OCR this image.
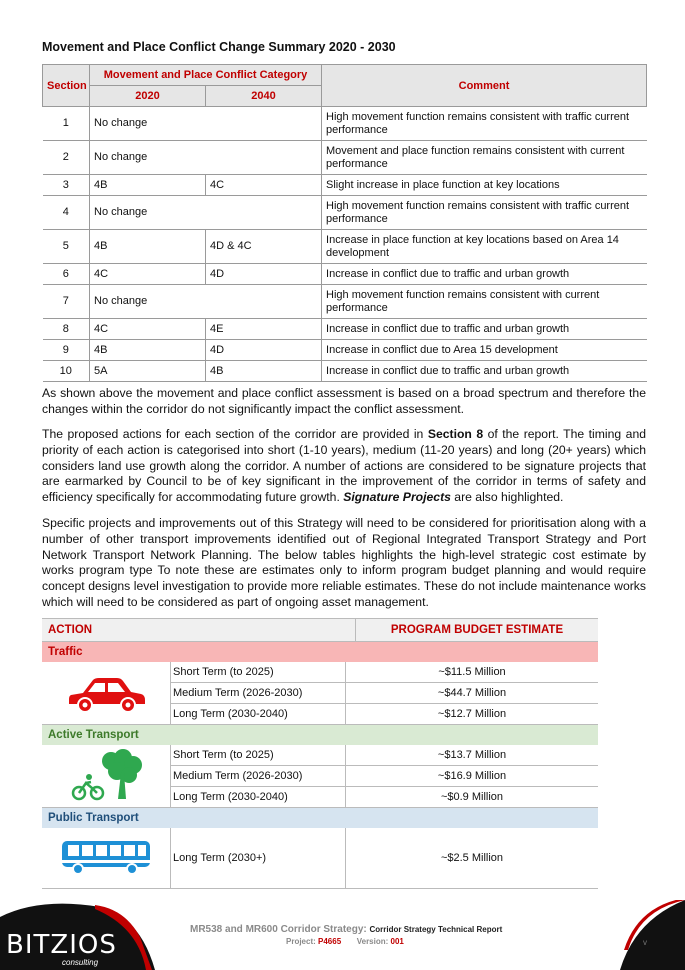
Movement and Place Conflict Change Summary 2020 - 2030
Section	Movement and Place Conflict Category		Comment
	2020	2040	
1	No change		High movement function remains consistent with traffic current performance
2	No change		Movement and place function remains consistent with current performance
3	4B	4C	Slight increase in place function at key locations
4	No change		High movement function remains consistent with traffic current performance
5	4B	4D & 4C	Increase in place function at key locations based on Area 14 development
6	4C	4D	Increase in conflict due to traffic and urban growth
7	No change		High movement function remains consistent with current performance
8	4C	4E	Increase in conflict due to traffic and urban growth
9	4B	4D	Increase in conflict due to Area 15 development
10	5A	4B	Increase in conflict due to traffic and urban growth

As shown above the movement and place conflict assessment is based on a broad spectrum and therefore the changes within the corridor do not significantly impact the conflict assessment.

The proposed actions for each section of the corridor are provided in Section 8 of the report. The timing and priority of each action is categorised into short (1-10 years), medium (11-20 years) and long (20+ years) which considers land use growth along the corridor. A number of actions are considered to be signature projects that are earmarked by Council to be of key significant in the improvement of the corridor in terms of safety and efficiency specifically for accommodating future growth. Signature Projects are also highlighted.

Specific projects and improvements out of this Strategy will need to be considered for prioritisation along with a number of other transport improvements identified out of Regional Integrated Transport Strategy and Port Network Transport Network Planning. The below tables highlights the high-level strategic cost estimate by works program type To note these are estimates only to inform program budget planning and would require concept designs level investigation to provide more reliable estimates. These do not include maintenance works which will need to be considered as part of ongoing asset management.

ACTION	PROGRAM BUDGET ESTIMATE
Traffic
Short Term (to 2025)	~$11.5 Million
Medium Term (2026-2030)	~$44.7 Million
Long Term (2030-2040)	~$12.7 Million
Active Transport
Short Term (to 2025)	~$13.7 Million
Medium Term (2026-2030)	~$16.9 Million
Long Term (2030-2040)	~$0.9 Million
Public Transport
Long Term (2030+)	~$2.5 Million
BITZIOS
consulting
MR538 and MR600 Corridor Strategy: Corridor Strategy Technical Report
Project: P4665 Version: 001	v
